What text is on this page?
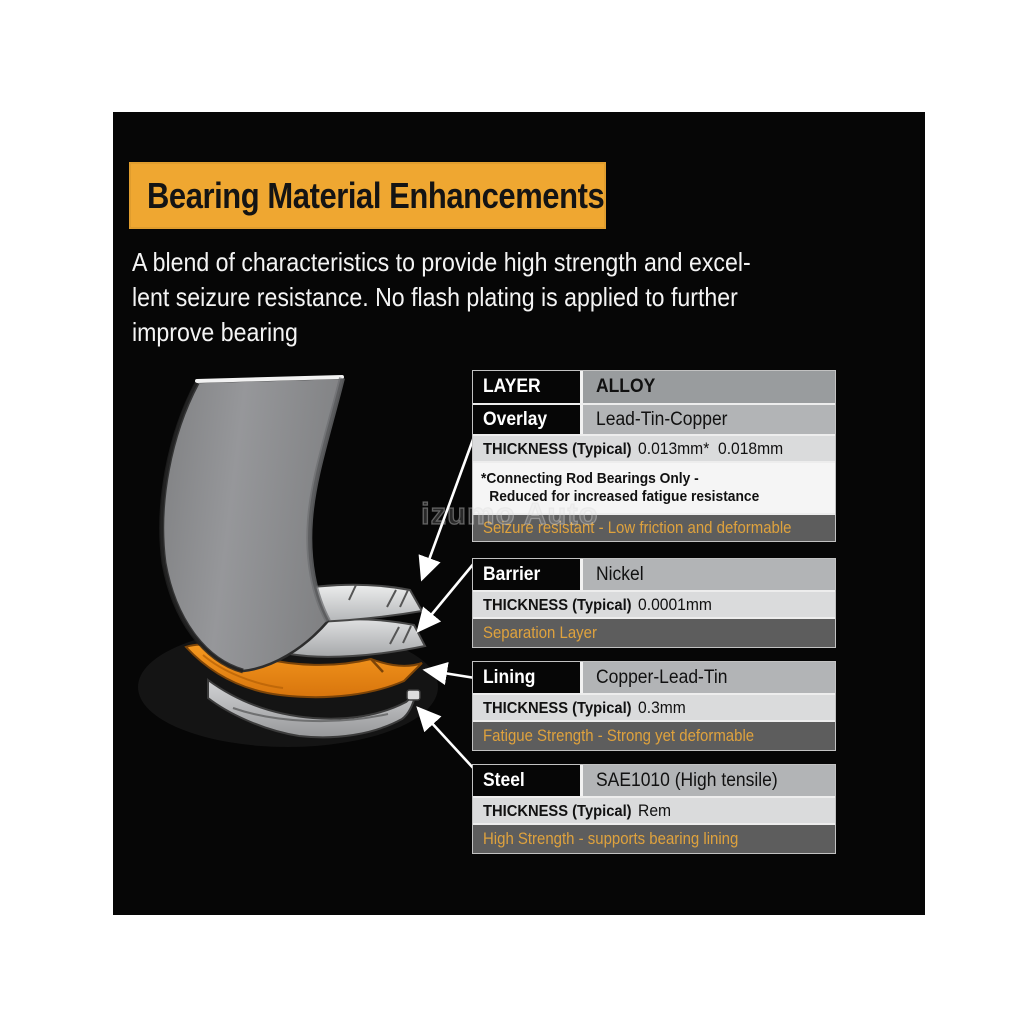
Bearing Material Enhancements
A blend of characteristics to provide high strength and excel-
lent seizure resistance. No flash plating is applied to further
improve bearing
LAYER	ALLOY
Overlay	Lead-Tin-Copper
THICKNESS (Typical) 0.013mm*  0.018mm
*Connecting Rod Bearings Only -
Reduced for increased fatigue resistance
Seizure resistant - Low friction and deformable
Barrier	Nickel
THICKNESS (Typical) 0.0001mm
Separation Layer
Lining	Copper-Lead-Tin
THICKNESS (Typical) 0.3mm
Fatigue Strength - Strong yet deformable
Steel	SAE1010 (High tensile)
THICKNESS (Typical) Rem
High Strength - supports bearing lining
izumo Auto
